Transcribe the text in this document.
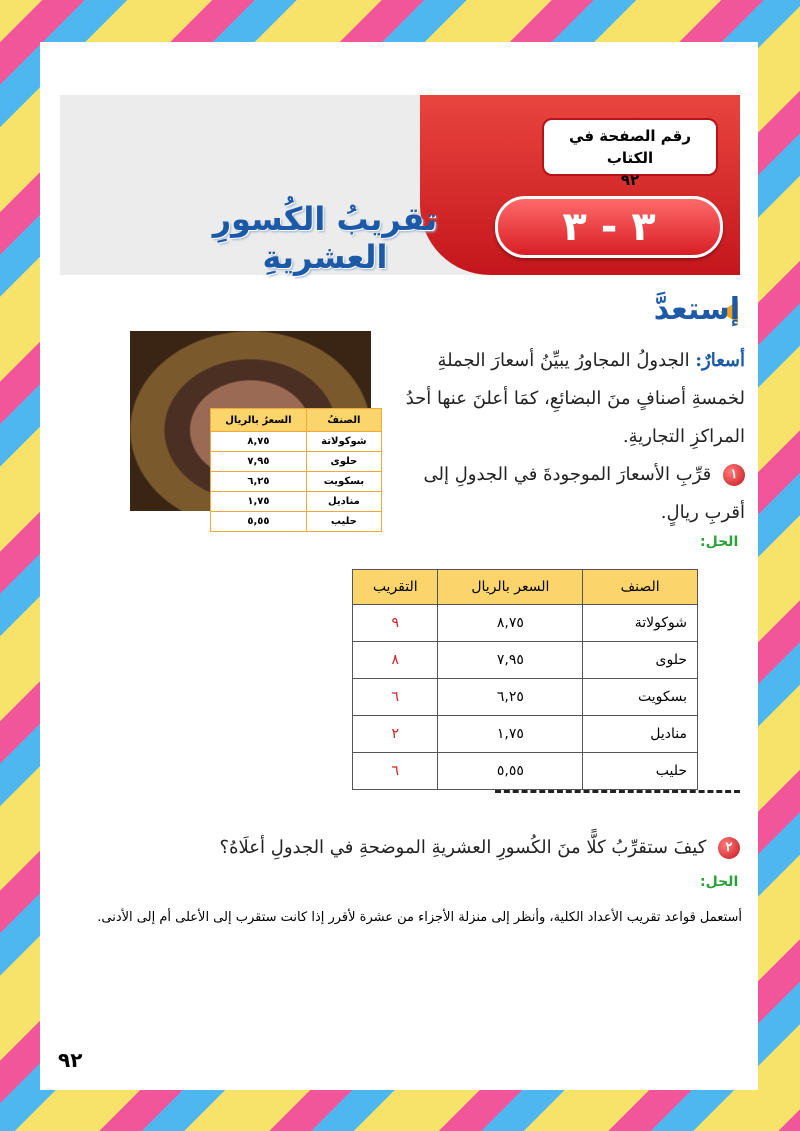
رقم الصفحة في الكتاب
٩٢
٣ - ٣
تقريبُ الكُسورِ العشريةِ
إستعدَّ
الصنفُ	السعرُ بالريال
شوكولاتة	٨,٧٥
حلوى	٧,٩٥
بسكويت	٦,٢٥
مناديل	١,٧٥
حليب	٥,٥٥
أسعارٌ: الجدولُ المجاورُ يبيِّنُ أسعارَ الجملةِ لخمسةِ أصنافٍ منَ البضائعِ، كمَا أعلنَ عنها أحدُ المراكزِ التجاريةِ.
١ قرِّبِ الأسعارَ الموجودةَ في الجدولِ إلى أقربِ ريالٍ.
الحل:
الصنف	السعر بالريال	التقريب
شوكولاتة	٨,٧٥	٩
حلوى	٧,٩٥	٨
بسكويت	٦,٢٥	٦
مناديل	١,٧٥	٢
حليب	٥,٥٥	٦
٢ كيفَ ستقرِّبُ كلًّا منَ الكُسورِ العشريةِ الموضحةِ في الجدولِ أعلَاهُ؟
الحل:
أستعمل قواعد تقريب الأعداد الكلية، وأنظر إلى منزلة الأجزاء من عشرة لأقرر إذا كانت ستقرب إلى الأعلى أم إلى الأدنى.
٩٢
